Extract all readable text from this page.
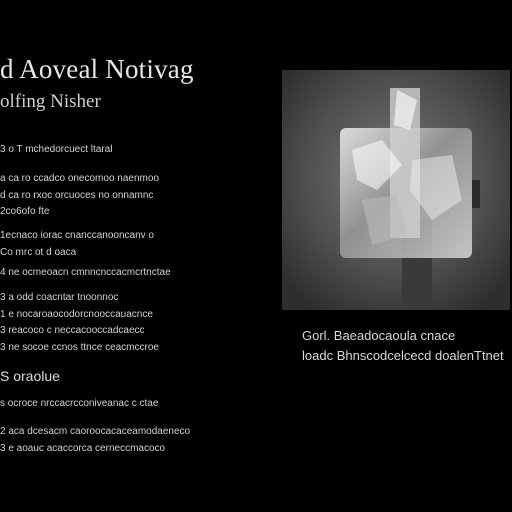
d Aoveal Notivag
olfing Nisher
3 o T mchedorcuect ltaral
a ca ro ccadco onecomoo naenmoo
d ca ro rxoc orcuoces no onnamnc
2co6ofo fte
1ecnaco iorac cnanccanooncanv o
Co mrc ot d oaca
4 ne ocmeoacn cmnncnccacmcrtnctae
3 a odd coacntar tnoonnoc
1 e nocaroaocodorcnooccauacnce
3 reacoco c neccacooccadcaecc
3 ne socoe ccnos ttnce ceacmccroe
S oraolue
s ocroce nrccacrcconiveanac c ctae
2 aca dcesacm caoroocacaceamodaeneco
3 e aoauc acaccorca cerneccmacoco
Gorl. Baeadocaoula cnace
loadc Bhnscodcelcecd doalenTtnet
